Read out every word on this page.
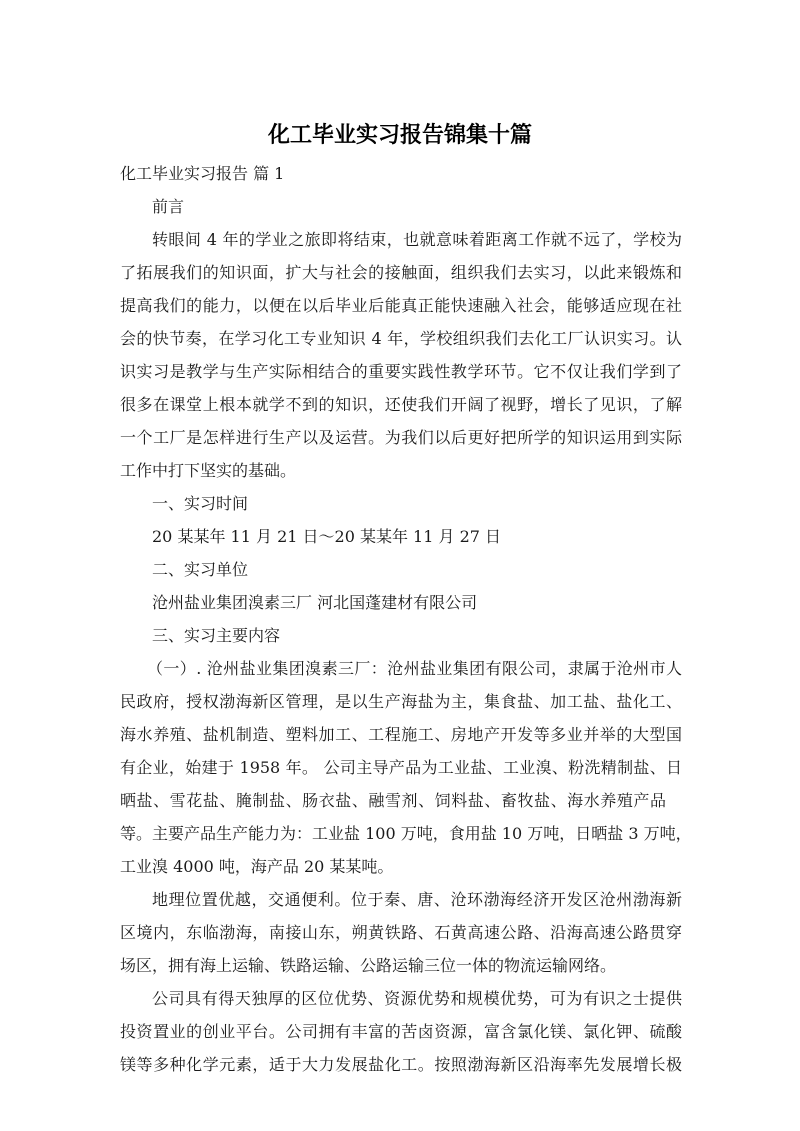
化工毕业实习报告锦集十篇
化工毕业实习报告 篇 1
前言
转眼间 4 年的学业之旅即将结束，也就意味着距离工作就不远了，学校为
了拓展我们的知识面，扩大与社会的接触面，组织我们去实习，以此来锻炼和
提高我们的能力，以便在以后毕业后能真正能快速融入社会，能够适应现在社
会的快节奏，在学习化工专业知识 4 年，学校组织我们去化工厂认识实习。认
识实习是教学与生产实际相结合的重要实践性教学环节。它不仅让我们学到了
很多在课堂上根本就学不到的知识，还使我们开阔了视野，增长了见识，了解
一个工厂是怎样进行生产以及运营。为我们以后更好把所学的知识运用到实际
工作中打下坚实的基础。
一、实习时间
20 某某年 11 月 21 日～20 某某年 11 月 27 日
二、实习单位
沧州盐业集团溴素三厂 河北国蓬建材有限公司
三、实习主要内容
（一）. 沧州盐业集团溴素三厂：沧州盐业集团有限公司，隶属于沧州市人
民政府，授权渤海新区管理，是以生产海盐为主，集食盐、加工盐、盐化工、
海水养殖、盐机制造、塑料加工、工程施工、房地产开发等多业并举的大型国
有企业，始建于 1958 年。 公司主导产品为工业盐、工业溴、粉洗精制盐、日
晒盐、雪花盐、腌制盐、肠衣盐、融雪剂、饲料盐、畜牧盐、海水养殖产品
等。主要产品生产能力为：工业盐 100 万吨，食用盐 10 万吨，日晒盐 3 万吨，
工业溴 4000 吨，海产品 20 某某吨。
地理位置优越，交通便利。位于秦、唐、沧环渤海经济开发区沧州渤海新
区境内，东临渤海，南接山东，朔黄铁路、石黄高速公路、沿海高速公路贯穿
场区，拥有海上运输、铁路运输、公路运输三位一体的物流运输网络。
公司具有得天独厚的区位优势、资源优势和规模优势，可为有识之士提供
投资置业的创业平台。公司拥有丰富的苦卤资源，富含氯化镁、氯化钾、硫酸
镁等多种化学元素，适于大力发展盐化工。按照渤海新区沿海率先发展增长极
